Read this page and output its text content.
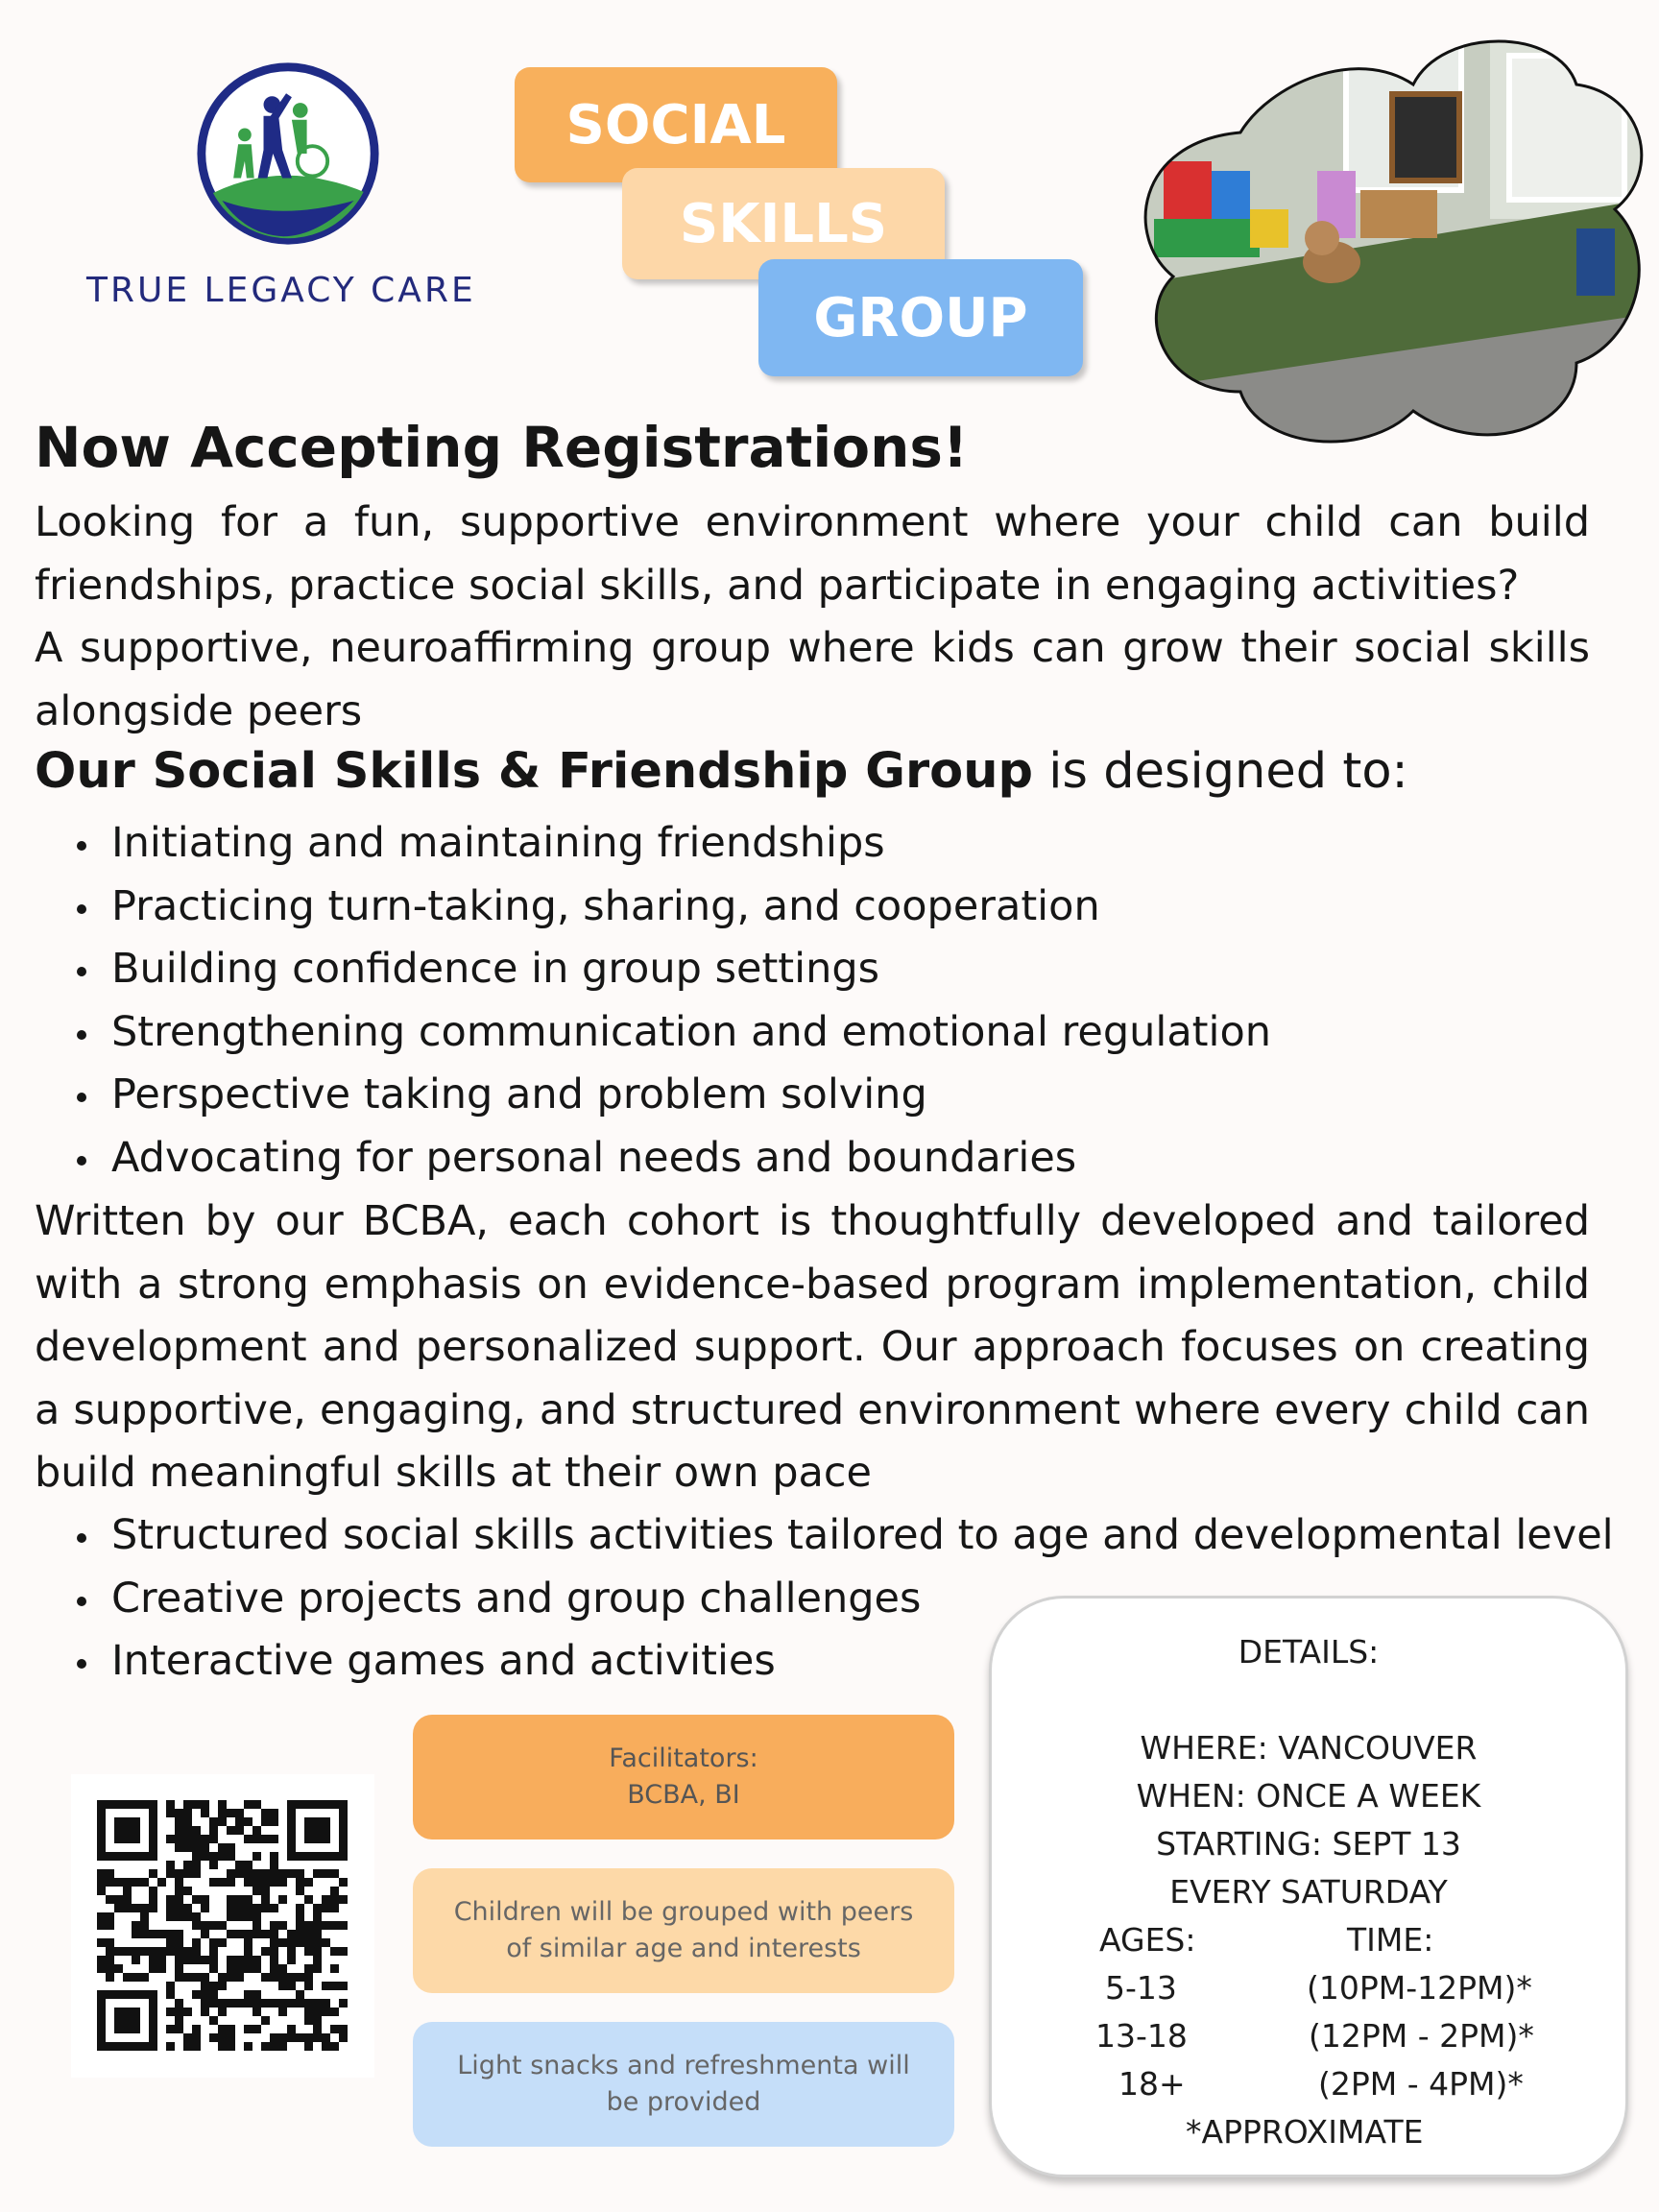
TRUE LEGACY CARE
SOCIAL
SKILLS
GROUP
Now Accepting Registrations!
Looking for a fun, supportive environment where your child can build friendships, practice social skills, and participate in engaging activities?
A supportive, neuroaffirming group where kids can grow their social skills alongside peers
Our Social Skills & Friendship Group is designed to:
Initiating and maintaining friendships
Practicing turn-taking, sharing, and cooperation
Building confidence in group settings
Strengthening communication and emotional regulation
Perspective taking and problem solving
Advocating for personal needs and boundaries
Written by our BCBA, each cohort is thoughtfully developed and tailored with a strong emphasis on evidence-based program implementation, child development and personalized support. Our approach focuses on creating a supportive, engaging, and structured environment where every child can build meaningful skills at their own pace
Structured social skills activities tailored to age and developmental level
Creative projects and group challenges
Interactive games and activities

Facilitators:

BCBA, BI

Children will be grouped with peers of similar age and interests

Light snacks and refreshmenta will be provided

DETAILS:
WHERE: VANCOUVER
WHEN: ONCE A WEEK
STARTING: SEPT 13
EVERY SATURDAY
AGES:	TIME:
5-13	(10PM-12PM)*
13-18	(12PM - 2PM)*
18+	(2PM - 4PM)*
*APPROXIMATE
